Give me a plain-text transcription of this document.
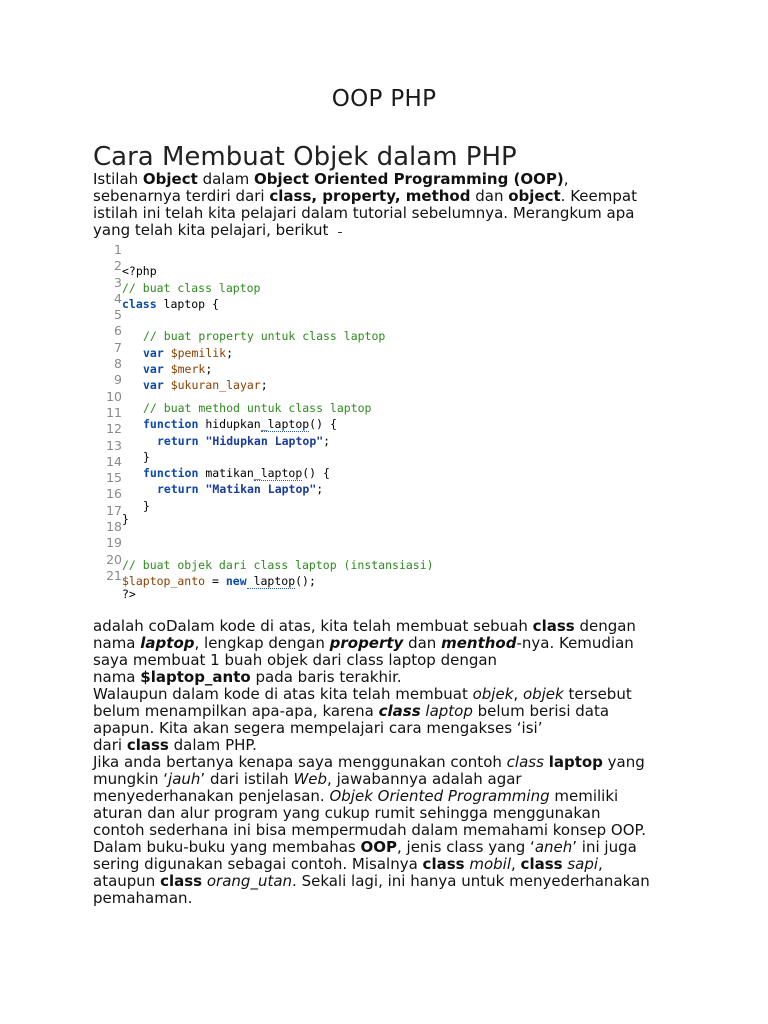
OOP PHP
Cara Membuat Objek dalam PHP

Istilah Object dalam Object Oriented Programming (OOP),

sebenarnya terdiri dari class, property, method dan object. Keempat

istilah ini telah kita pelajari dalam tutorial sebelumnya. Merangkum apa

yang telah kita pelajari, berikut

1
2 <?php
3 // buat class laptop
4 class laptop {
5
6 // buat property untuk class laptop
7 var $pemilik;
8 var $merk;
9 var $ukuran_layar;
10
11 // buat method untuk class laptop
12 function hidupkan_laptop() {
13	return "Hidupkan Laptop";
14 }
15 function matikan_laptop() {
16	return "Matikan Laptop";
17 }
18 }
19
20 // buat objek dari class laptop (instansiasi)
21 $laptop_anto = new laptop();
?>

adalah coDalam kode di atas, kita telah membuat sebuah class dengan

nama laptop, lengkap dengan property dan menthod-nya. Kemudian

saya membuat 1 buah objek dari class laptop dengan

nama $laptop_anto pada baris terakhir.

Walaupun dalam kode di atas kita telah membuat objek, objek tersebut

belum menampilkan apa-apa, karena class laptop belum berisi data

apapun. Kita akan segera mempelajari cara mengakses ‘isi’

dari class dalam PHP.

Jika anda bertanya kenapa saya menggunakan contoh class laptop yang

mungkin ‘jauh’ dari istilah Web, jawabannya adalah agar

menyederhanakan penjelasan. Objek Oriented Programming memiliki

aturan dan alur program yang cukup rumit sehingga menggunakan

contoh sederhana ini bisa mempermudah dalam memahami konsep OOP.

Dalam buku-buku yang membahas OOP, jenis class yang ‘aneh’ ini juga

sering digunakan sebagai contoh. Misalnya class mobil, class sapi,

ataupun class orang_utan. Sekali lagi, ini hanya untuk menyederhanakan

pemahaman.
